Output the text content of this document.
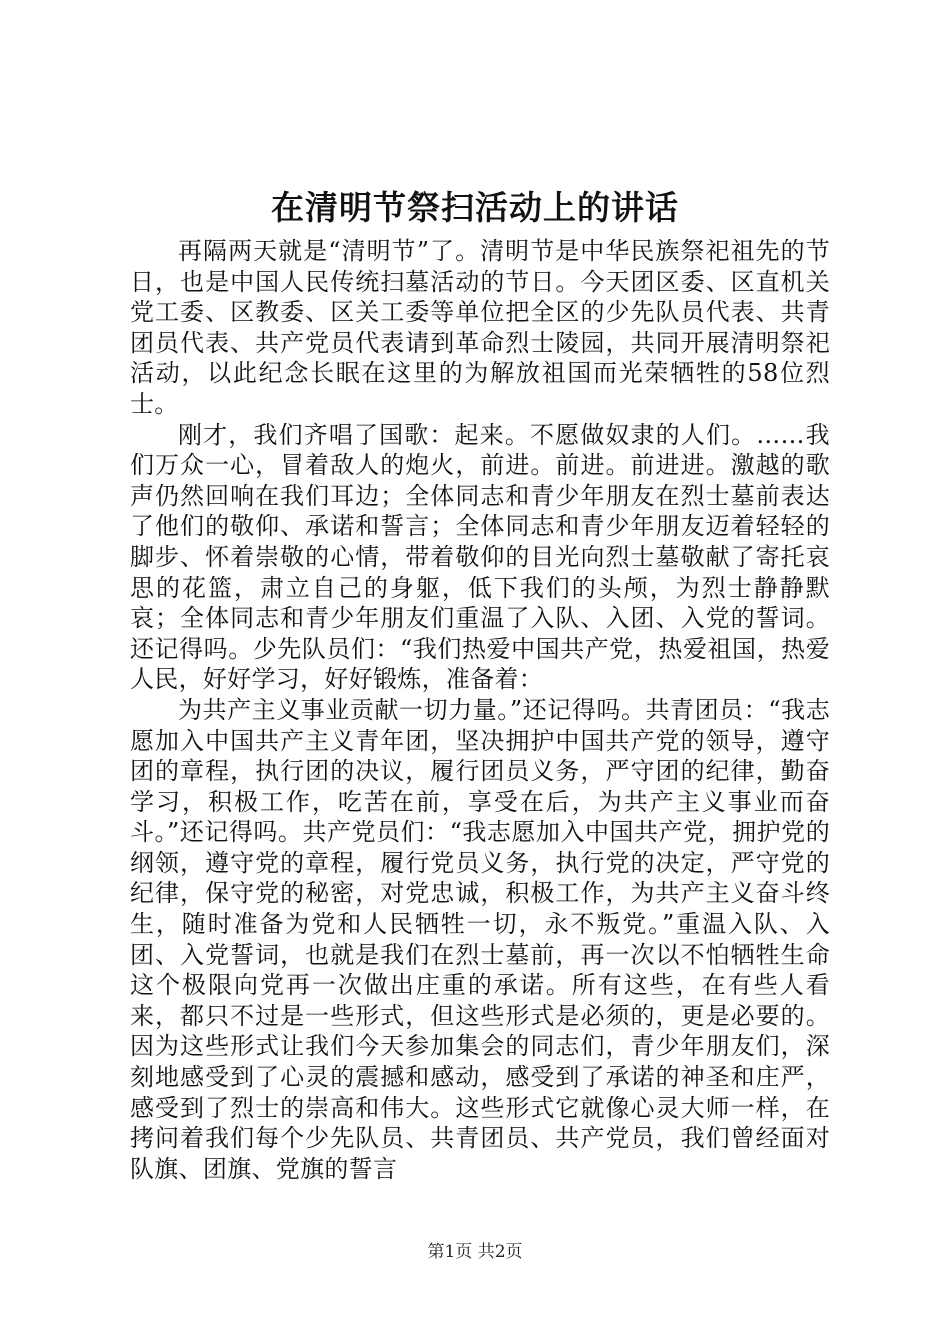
在清明节祭扫活动上的讲话

再隔两天就是“清明节”了。清明节是中华民族祭祀祖先的节日，也是中国人民传统扫墓活动的节日。今天团区委、区直机关党工委、区教委、区关工委等单位把全区的少先队员代表、共青团员代表、共产党员代表请到革命烈士陵园，共同开展清明祭祀活动，以此纪念长眠在这里的为解放祖国而光荣牺牲的58位烈士。

刚才，我们齐唱了国歌：起来。不愿做奴隶的人们。……我们万众一心，冒着敌人的炮火，前进。前进。前进进。激越的歌声仍然回响在我们耳边；全体同志和青少年朋友在烈士墓前表达了他们的敬仰、承诺和誓言；全体同志和青少年朋友迈着轻轻的脚步、怀着崇敬的心情，带着敬仰的目光向烈士墓敬献了寄托哀思的花篮，肃立自己的身躯，低下我们的头颅，为烈士静静默哀；全体同志和青少年朋友们重温了入队、入团、入党的誓词。还记得吗。少先队员们：“我们热爱中国共产党，热爱祖国，热爱人民，好好学习，好好锻炼，准备着：

为共产主义事业贡献一切力量。”还记得吗。共青团员：“我志愿加入中国共产主义青年团，坚决拥护中国共产党的领导，遵守团的章程，执行团的决议，履行团员义务，严守团的纪律，勤奋学习，积极工作，吃苦在前，享受在后，为共产主义事业而奋斗。”还记得吗。共产党员们：“我志愿加入中国共产党，拥护党的纲领，遵守党的章程，履行党员义务，执行党的决定，严守党的纪律，保守党的秘密，对党忠诚，积极工作，为共产主义奋斗终生，随时准备为党和人民牺牲一切，永不叛党。”重温入队、入团、入党誓词，也就是我们在烈士墓前，再一次以不怕牺牲生命这个极限向党再一次做出庄重的承诺。所有这些，在有些人看来，都只不过是一些形式，但这些形式是必须的，更是必要的。因为这些形式让我们今天参加集会的同志们，青少年朋友们，深刻地感受到了心灵的震撼和感动，感受到了承诺的神圣和庄严，感受到了烈士的崇高和伟大。这些形式它就像心灵大师一样，在拷问着我们每个少先队员、共青团员、共产党员，我们曾经面对队旗、团旗、党旗的誓言

第1页 共2页
